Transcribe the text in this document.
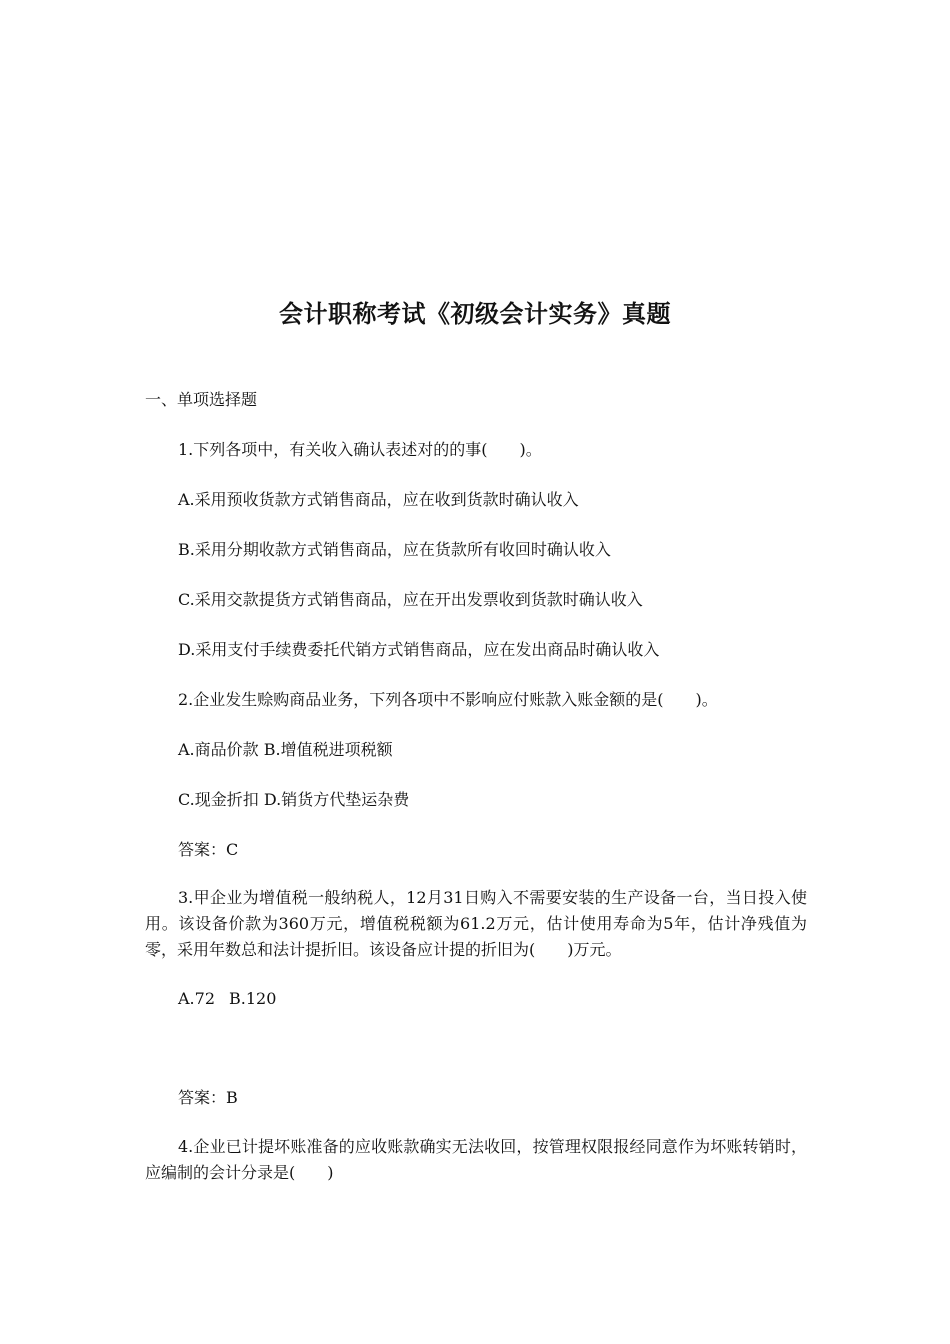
会计职称考试《初级会计实务》真题
一、单项选择题
1.下列各项中，有关收入确认表述对的的事(　　)。
A.采用预收货款方式销售商品，应在收到货款时确认收入
B.采用分期收款方式销售商品，应在货款所有收回时确认收入
C.采用交款提货方式销售商品，应在开出发票收到货款时确认收入
D.采用支付手续费委托代销方式销售商品，应在发出商品时确认收入
2.企业发生赊购商品业务，下列各项中不影响应付账款入账金额的是(　　)。
A.商品价款 B.增值税进项税额
C.现金折扣 D.销货方代垫运杂费
答案：C
3.甲企业为增值税一般纳税人，12月31日购入不需要安装的生产设备一台，当日投入使用。该设备价款为360万元，增值税税额为61.2万元，估计使用寿命为5年，估计净残值为零，采用年数总和法计提折旧。该设备应计提的折旧为(　　)万元。
A.72 B.120
答案：B
4.企业已计提坏账准备的应收账款确实无法收回，按管理权限报经同意作为坏账转销时，应编制的会计分录是(　　)
